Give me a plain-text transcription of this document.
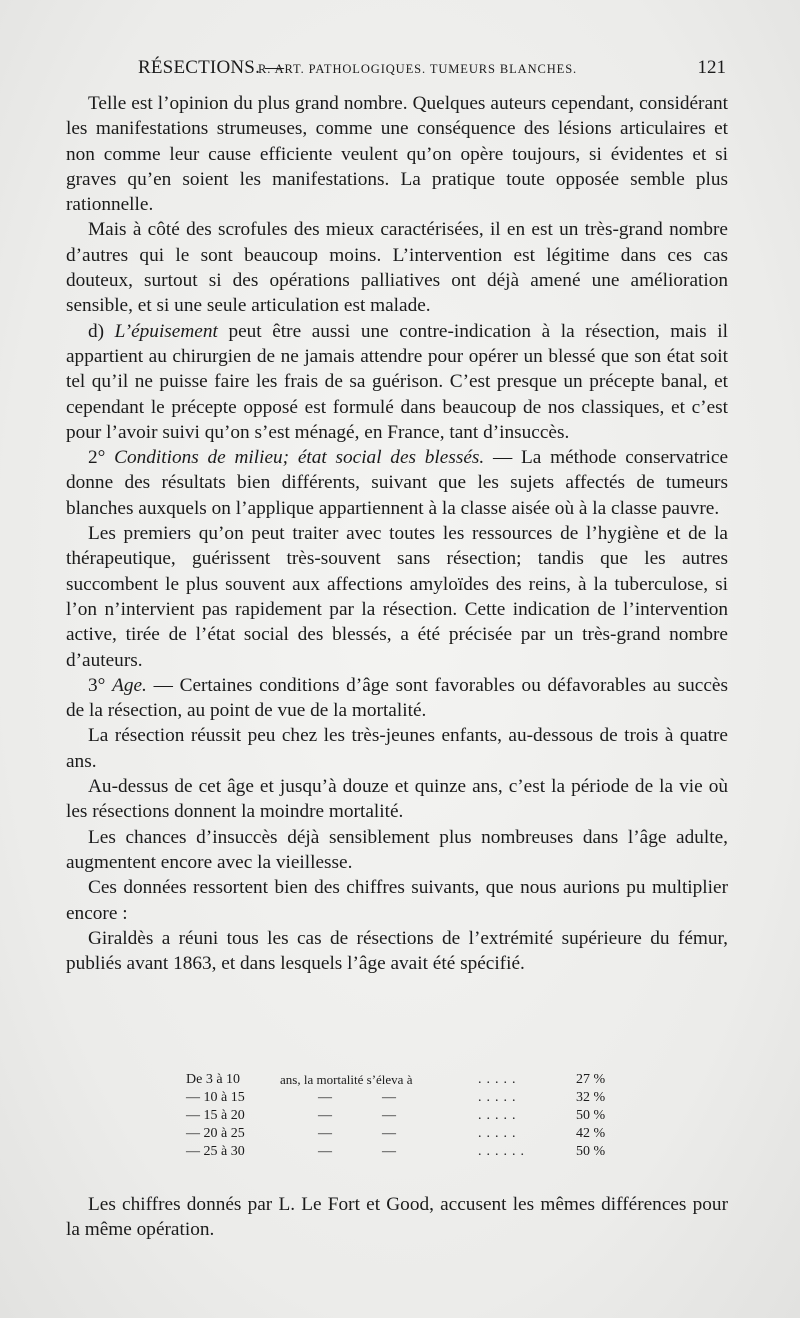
RÉSECTIONS. —
R. ART. PATHOLOGIQUES. TUMEURS BLANCHES.	121

Telle est l’opinion du plus grand nombre. Quelques auteurs cependant, considérant les manifestations strumeuses, comme une conséquence des lésions articulaires et non comme leur cause efficiente veulent qu’on opère toujours, si évidentes et si graves qu’en soient les manifestations. La pratique toute opposée semble plus rationnelle.

Mais à côté des scrofules des mieux caractérisées, il en est un très-grand nombre d’autres qui le sont beaucoup moins. L’intervention est légitime dans ces cas douteux, surtout si des opérations palliatives ont déjà amené une amélioration sensible, et si une seule articulation est malade.

d) L’épuisement peut être aussi une contre-indication à la résection, mais il appartient au chirurgien de ne jamais attendre pour opérer un blessé que son état soit tel qu’il ne puisse faire les frais de sa guérison. C’est presque un précepte banal, et cependant le précepte opposé est formulé dans beaucoup de nos classiques, et c’est pour l’avoir suivi qu’on s’est ménagé, en France, tant d’insuccès.

2° Conditions de milieu; état social des blessés. — La méthode conservatrice donne des résultats bien différents, suivant que les sujets affectés de tumeurs blanches auxquels on l’applique appartiennent à la classe aisée où à la classe pauvre.

Les premiers qu’on peut traiter avec toutes les ressources de l’hygiène et de la thérapeutique, guérissent très-souvent sans résection; tandis que les autres succombent le plus souvent aux affections amyloïdes des reins, à la tuberculose, si l’on n’intervient pas rapidement par la résection. Cette indication de l’intervention active, tirée de l’état social des blessés, a été précisée par un très-grand nombre d’auteurs.

3° Age. — Certaines conditions d’âge sont favorables ou défavorables au succès de la résection, au point de vue de la mortalité.

La résection réussit peu chez les très-jeunes enfants, au-dessous de trois à quatre ans.

Au-dessus de cet âge et jusqu’à douze et quinze ans, c’est la période de la vie où les résections donnent la moindre mortalité.

Les chances d’insuccès déjà sensiblement plus nombreuses dans l’âge adulte, augmentent encore avec la vieillesse.

Ces données ressortent bien des chiffres suivants, que nous aurions pu multiplier encore :

Giraldès a réuni tous les cas de résections de l’extrémité supérieure du fémur, publiés avant 1863, et dans lesquels l’âge avait été spécifié.

De 3 à 10	ans, la mortalité s’éleva à	.....	27 %
— 10 à 15	—	—	.....	32 %
— 15 à 20	—	—	.....	50 %
— 20 à 25	—	—	.....	42 %
— 25 à 30	—	—	......	50 %

Les chiffres donnés par L. Le Fort et Good, accusent les mêmes différences pour la même opération.
